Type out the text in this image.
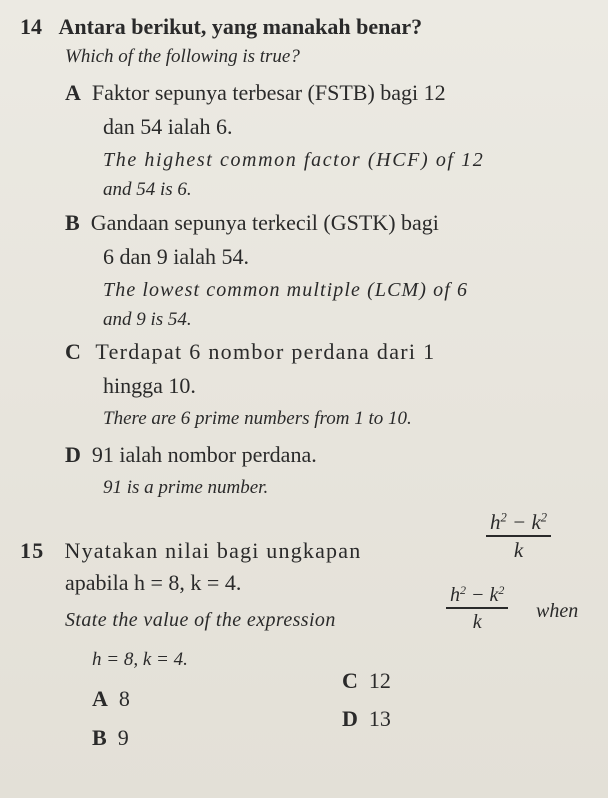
14 Antara berikut, yang manakah benar?
Which of the following is true?
A Faktor sepunya terbesar (FSTB) bagi 12
dan 54 ialah 6.
The highest common factor (HCF) of 12
and 54 is 6.
B Gandaan sepunya terkecil (GSTK) bagi
6 dan 9 ialah 54.
The lowest common multiple (LCM) of 6
and 9 is 54.
C Terdapat 6 nombor perdana dari 1
hingga 10.
There are 6 prime numbers from 1 to 10.
D 91 ialah nombor perdana.
91 is a prime number.
15 Nyatakan nilai bagi ungkapan	$\frac{h^2 - k^2}{k}$
apabila h = 8, k = 4.
State the value of the expression	$\frac{h^2 - k^2}{k}$ when
h = 8, k = 4.
A 8
B 9
C 12
D 13
